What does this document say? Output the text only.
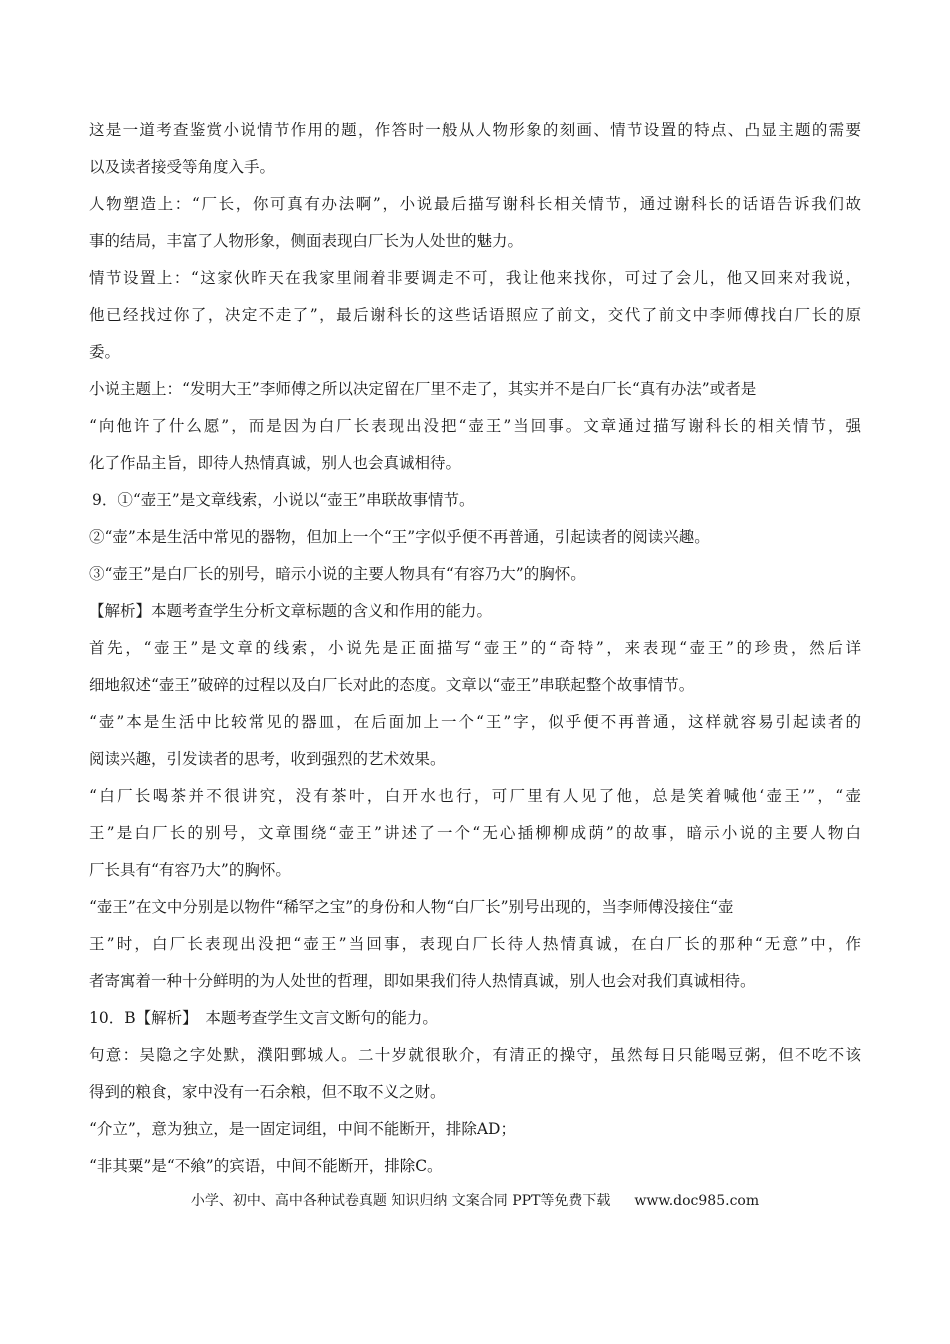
这是一道考查鉴赏小说情节作用的题，作答时一般从人物形象的刻画、情节设置的特点、凸显主题的需要
以及读者接受等角度入手。
人物塑造上：“厂长，你可真有办法啊”，小说最后描写谢科长相关情节，通过谢科长的话语告诉我们故
事的结局，丰富了人物形象，侧面表现白厂长为人处世的魅力。
情节设置上：“这家伙昨天在我家里闹着非要调走不可，我让他来找你，可过了会儿，他又回来对我说，
他已经找过你了，决定不走了”，最后谢科长的这些话语照应了前文，交代了前文中李师傅找白厂长的原
委。
小说主题上：“发明大王”李师傅之所以决定留在厂里不走了，其实并不是白厂长“真有办法”或者是
“向他许了什么愿”，而是因为白厂长表现出没把“壶王”当回事。文章通过描写谢科长的相关情节，强
化了作品主旨，即待人热情真诚，别人也会真诚相待。
9．①“壶王”是文章线索，小说以“壶王”串联故事情节。
②“壶”本是生活中常见的器物，但加上一个“王”字似乎便不再普通，引起读者的阅读兴趣。
③“壶王”是白厂长的别号，暗示小说的主要人物具有“有容乃大”的胸怀。
【解析】本题考查学生分析文章标题的含义和作用的能力。
首先，“壶王”是文章的线索，小说先是正面描写“壶王”的“奇特”，来表现“壶王”的珍贵，然后详
细地叙述“壶王”破碎的过程以及白厂长对此的态度。文章以“壶王”串联起整个故事情节。
“壶”本是生活中比较常见的器皿，在后面加上一个“王”字，似乎便不再普通，这样就容易引起读者的
阅读兴趣，引发读者的思考，收到强烈的艺术效果。
“白厂长喝茶并不很讲究，没有茶叶，白开水也行，可厂里有人见了他，总是笑着喊他‘壶王’”，“壶
王”是白厂长的别号，文章围绕“壶王”讲述了一个“无心插柳柳成荫”的故事，暗示小说的主要人物白
厂长具有“有容乃大”的胸怀。
“壶王”在文中分别是以物件“稀罕之宝”的身份和人物“白厂长”别号出现的，当李师傅没接住“壶
王”时，白厂长表现出没把“壶王”当回事，表现白厂长待人热情真诚，在白厂长的那种“无意”中，作
者寄寓着一种十分鲜明的为人处世的哲理，即如果我们待人热情真诚，别人也会对我们真诚相待。
10．B【解析】　本题考查学生文言文断句的能力。
句意：吴隐之字处默，濮阳鄄城人。二十岁就很耿介，有清正的操守，虽然每日只能喝豆粥，但不吃不该
得到的粮食，家中没有一石余粮，但不取不义之财。
“介立”，意为独立，是一固定词组，中间不能断开，排除AD；
“非其粟”是“不飨”的宾语，中间不能断开，排除C。
小学、初中、高中各种试卷真题 知识归纳 文案合同 PPT等免费下载 www.doc985.com
